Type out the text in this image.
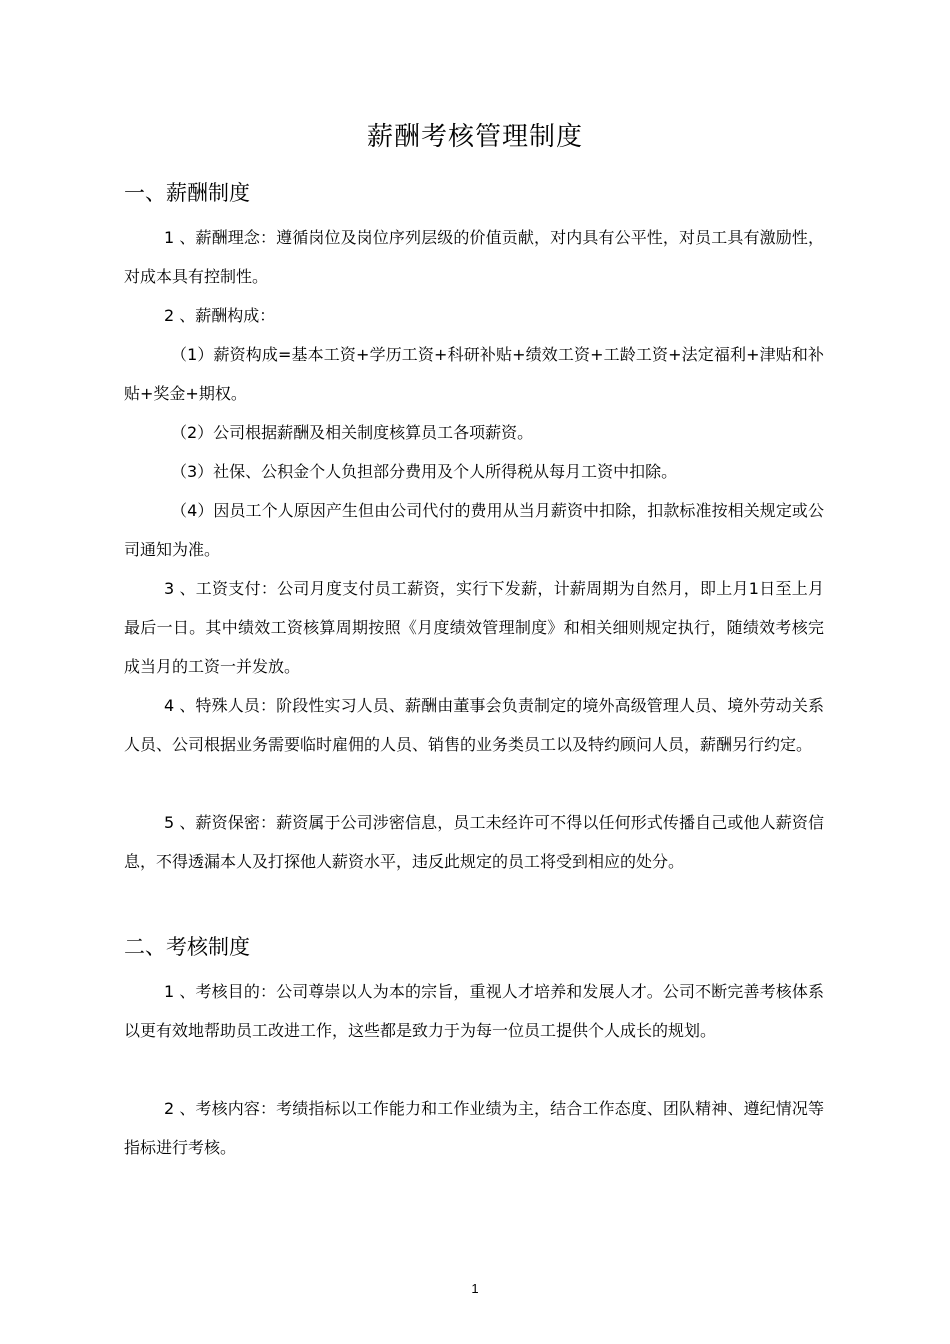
薪酬考核管理制度
一、薪酬制度
1 、薪酬理念：遵循岗位及岗位序列层级的价值贡献，对内具有公平性，对员工具有激励性，对成本具有控制性。
2 、薪酬构成：
（1）薪资构成=基本工资+学历工资+科研补贴+绩效工资+工龄工资+法定福利+津贴和补贴+奖金+期权。
（2）公司根据薪酬及相关制度核算员工各项薪资。
（3）社保、公积金个人负担部分费用及个人所得税从每月工资中扣除。
（4）因员工个人原因产生但由公司代付的费用从当月薪资中扣除，扣款标准按相关规定或公司通知为准。
3 、工资支付：公司月度支付员工薪资，实行下发薪，计薪周期为自然月，即上月1日至上月最后一日。其中绩效工资核算周期按照《月度绩效管理制度》和相关细则规定执行，随绩效考核完成当月的工资一并发放。
4 、特殊人员：阶段性实习人员、薪酬由董事会负责制定的境外高级管理人员、境外劳动关系人员、公司根据业务需要临时雇佣的人员、销售的业务类员工以及特约顾问人员，薪酬另行约定。
5 、薪资保密：薪资属于公司涉密信息，员工未经许可不得以任何形式传播自己或他人薪资信息，不得透漏本人及打探他人薪资水平，违反此规定的员工将受到相应的处分。
二、考核制度
1 、考核目的：公司尊崇以人为本的宗旨，重视人才培养和发展人才。公司不断完善考核体系以更有效地帮助员工改进工作，这些都是致力于为每一位员工提供个人成长的规划。
2 、考核内容：考绩指标以工作能力和工作业绩为主，结合工作态度、团队精神、遵纪情况等指标进行考核。
1
